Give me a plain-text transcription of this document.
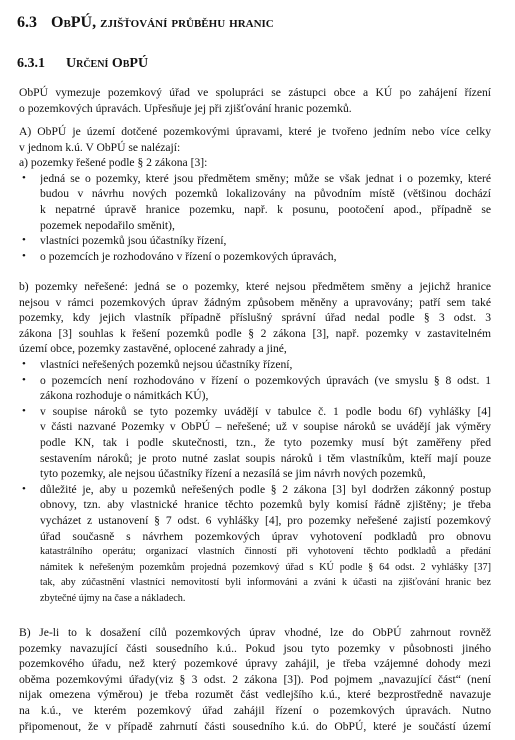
6.3 ObPÚ, zjišťování průběhu hranic
6.3.1 Určení ObPÚ
ObPÚ vymezuje pozemkový úřad ve spolupráci se zástupci obce a KÚ po zahájení řízení
o pozemkových úpravách. Upřesňuje jej při zjišťování hranic pozemků.
A) ObPÚ je území dotčené pozemkovými úpravami, které je tvořeno jedním nebo více celky
v jednom k.ú. V ObPÚ se nalézají:
a) pozemky řešené podle § 2 zákona [3]:
• jedná se o pozemky, které jsou předmětem směny; může se však jednat i o pozemky, které
budou v návrhu nových pozemků lokalizovány na původním místě (většinou dochází
k nepatrné úpravě hranice pozemku, např. k posunu, pootočení apod., případně se
pozemek nepodařilo směnit),
• vlastníci pozemků jsou účastníky řízení,
• o pozemcích je rozhodováno v řízení o pozemkových úpravách,
b) pozemky neřešené: jedná se o pozemky, které nejsou předmětem směny a jejichž hranice
nejsou v rámci pozemkových úprav žádným způsobem měněny a upravovány; patří sem také
pozemky, kdy jejich vlastník případně příslušný správní úřad nedal podle § 3 odst. 3
zákona [3] souhlas k řešení pozemků podle § 2 zákona [3], např. pozemky v zastavitelném
území obce, pozemky zastavěné, oplocené zahrady a jiné,
• vlastníci neřešených pozemků nejsou účastníky řízení,
• o pozemcích není rozhodováno v řízení o pozemkových úpravách (ve smyslu § 8 odst. 1
zákona rozhoduje o námitkách KÚ),
• v soupise nároků se tyto pozemky uvádějí v tabulce č. 1 podle bodu 6f) vyhlášky [4]
v části nazvané Pozemky v ObPÚ – neřešené; už v soupise nároků se uvádějí jak výměry
podle KN, tak i podle skutečnosti, tzn., že tyto pozemky musí být zaměřeny před
sestavením nároků; je proto nutné zaslat soupis nároků i těm vlastníkům, kteří mají pouze
tyto pozemky, ale nejsou účastníky řízení a nezasílá se jim návrh nových pozemků,
• důležité je, aby u pozemků neřešených podle § 2 zákona [3] byl dodržen zákonný postup
obnovy, tzn. aby vlastnické hranice těchto pozemků byly komisí řádně zjištěny; je třeba
vycházet z ustanovení § 7 odst. 6 vyhlášky [4], pro pozemky neřešené zajistí pozemkový
úřad současně s návrhem pozemkových úprav vyhotovení podkladů pro obnovu
katastrálního operátu; organizací vlastních činností při vyhotovení těchto podkladů a předání
námitek k neřešeným pozemkům projedná pozemkový úřad s KÚ podle § 64 odst. 2 vyhlášky [37]
tak, aby zúčastnění vlastníci nemovitostí byli informováni a zváni k účasti na zjišťování hranic bez
zbytečné újmy na čase a nákladech.
B) Je-li to k dosažení cílů pozemkových úprav vhodné, lze do ObPÚ zahrnout rovněž
pozemky navazující části sousedního k.ú.. Pokud jsou tyto pozemky v působnosti jiného
pozemkového úřadu, než který pozemkové úpravy zahájil, je třeba vzájemné dohody mezi
oběma pozemkovými úřady(viz § 3 odst. 2 zákona [3]). Pod pojmem „navazující část“ (není
nijak omezena výměrou) je třeba rozumět část vedlejšího k.ú., které bezprostředně navazuje
na k.ú., ve kterém pozemkový úřad zahájil řízení o pozemkových úpravách. Nutno
připomenout, že v případě zahrnutí části sousedního k.ú. do ObPÚ, které je součástí území
